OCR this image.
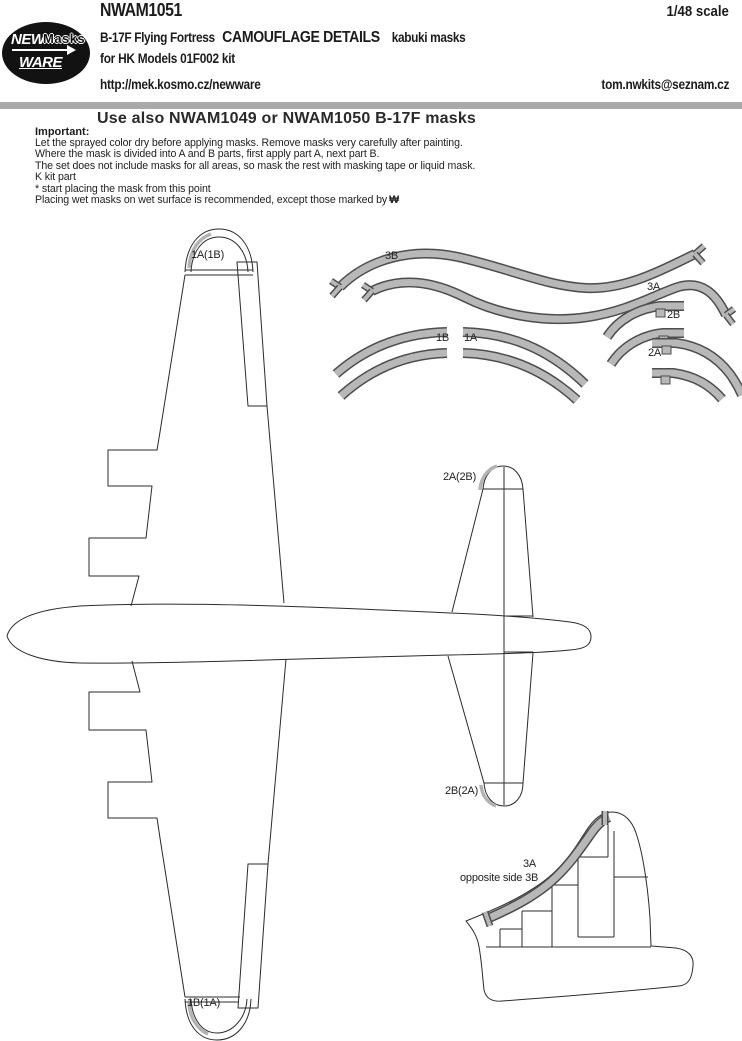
NEW
Masks
WARE
NWAM1051	1/48 scale
B-17F Flying Fortress CAMOUFLAGE DETAILS kabuki masks
for HK Models 01F002 kit
http://mek.kosmo.cz/newware	tom.nwkits@seznam.cz
Use also NWAM1049 or NWAM1050 B-17F masks
Important:
Let the sprayed color dry before applying masks. Remove masks very carefully after painting.
Where the mask is divided into A and B parts, first apply part A, next part B.
The set does not include masks for all areas, so mask the rest with masking tape or liquid mask.
K kit part
* start placing the mask from this point
Placing wet masks on wet surface is recommended, except those marked by ₩
1A(1B)
1B(1A)
2A(2B)
2B(2A)
3B
3A
1B 1A
2B
2A
3A
opposite side 3B
